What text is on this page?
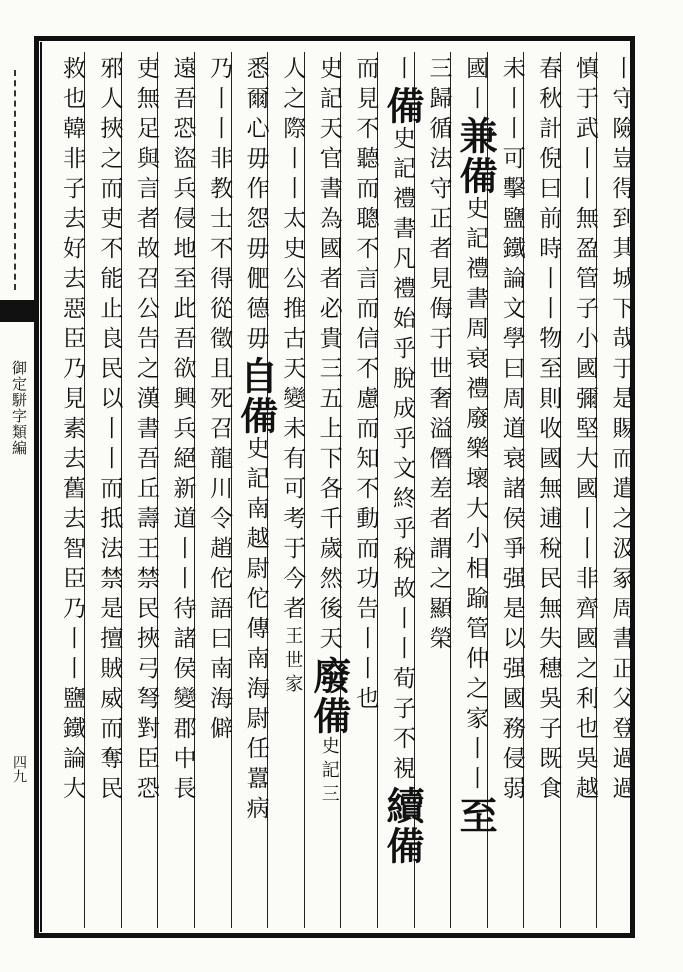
御定駢字類編
四九	丨守險豈得到其城下哉于是賜而遣之汲冢周書正父登過過
慎于武丨丨無盈管子小國彌堅大國丨丨非齊國之利也吳越
春秋計倪曰前時丨丨物至則收國無逋稅民無失穗吳子既食
未丨丨可擊鹽鐵論文學曰周道衰諸侯爭强是以强國務侵弱
國丨兼備史記禮書周衰禮廢樂壞大小相踰管仲之家丨丨至
三歸循法守正者見侮于世奢溢僭差者謂之顯榮
丨備史記禮書凡禮始乎脫成乎文終乎稅故丨丨荀子不視續備
而見不聽而聰不言而信不慮而知不動而功告丨丨也
史記天官書為國者必貴三五上下各千歲然後天廢備史記三
人之際丨丨太史公推古天變未有可考于今者王世家
悉爾心毋作怨毋俷德毋自備史記南越尉佗傳南海尉任囂病
乃丨丨非教士不得從徵且死召龍川令趙佗語曰南海僻
遠吾恐盜兵侵地至此吾欲興兵絕新道丨丨待諸侯變郡中長
吏無足與言者故召公告之漢書吾丘壽王禁民挾弓弩對臣恐
邪人挾之而吏不能止良民以丨丨而抵法禁是擅賊威而奪民
救也韓非子去好去惡臣乃見素去舊去智臣乃丨丨鹽鐵論大
